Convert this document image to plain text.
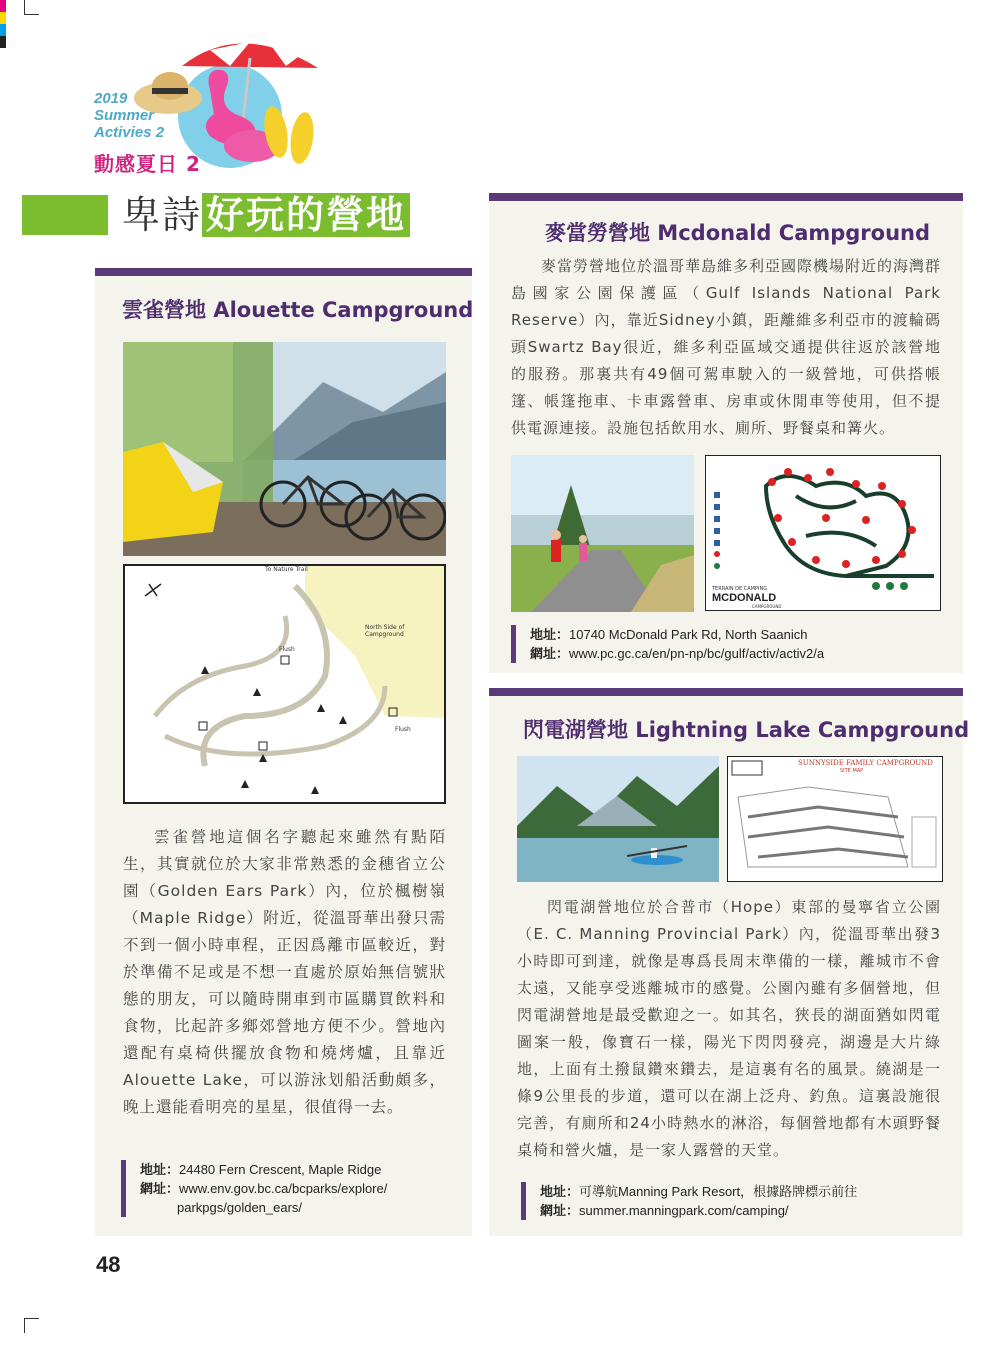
2019
Summer
Activies 2
動感夏日 2
卑詩 好玩的營地
雲雀營地 Alouette Campground
To Nature Trail
North Side of Campground
Flush
Flush
雲雀營地這個名字聽起來雖然有點陌生，其實就位於大家非常熟悉的金穗省立公園（Golden Ears Park）內，位於楓樹嶺（Maple Ridge）附近，從溫哥華出發只需不到一個小時車程，正因爲離市區較近，對於準備不足或是不想一直處於原始無信號狀態的朋友，可以隨時開車到市區購買飲料和食物，比起許多鄉郊營地方便不少。營地內還配有桌椅供擺放食物和燒烤爐，且靠近Alouette Lake，可以游泳划船活動頗多，晚上還能看明亮的星星，很值得一去。
地址：24480 Fern Crescent, Maple Ridge
網址：www.env.gov.bc.ca/bcparks/explore/
parkpgs/golden_ears/
麥當勞營地 Mcdonald Campground
麥當勞營地位於溫哥華島維多利亞國際機場附近的海灣群島國家公園保護區（Gulf Islands National Park Reserve）內，靠近Sidney小鎮，距離維多利亞市的渡輪碼頭Swartz Bay很近，維多利亞區域交通提供往返於該營地的服務。那裏共有49個可駕車駛入的一級營地，可供搭帳篷、帳篷拖車、卡車露營車、房車或休閒車等使用，但不提供電源連接。設施包括飲用水、廁所、野餐桌和篝火。
TERRAIN DE CAMPING
MCDONALD
CAMPGROUND
地址：10740 McDonald Park Rd, North Saanich
網址：www.pc.gc.ca/en/pn-np/bc/gulf/activ/activ2/a
閃電湖營地 Lightning Lake Campground
SUNNYSIDE FAMILY CAMPGROUND
SITE MAP
閃電湖營地位於合普市（Hope）東部的曼寧省立公園（E. C. Manning Provincial Park）內，從溫哥華出發3小時即可到達，就像是專爲長周末準備的一樣，離城市不會太遠，又能享受逃離城市的感覺。公園內雖有多個營地，但閃電湖營地是最受歡迎之一。如其名，狹長的湖面猶如閃電圖案一般，像寶石一樣，陽光下閃閃發亮，湖邊是大片綠地，上面有土撥鼠鑽來鑽去，是這裏有名的風景。繞湖是一條9公里長的步道，還可以在湖上泛舟、釣魚。這裏設施很完善，有廁所和24小時熱水的淋浴，每個營地都有木頭野餐桌椅和營火爐，是一家人露營的天堂。
地址：可導航Manning Park Resort，根據路牌標示前往
網址：summer.manningpark.com/camping/
48
